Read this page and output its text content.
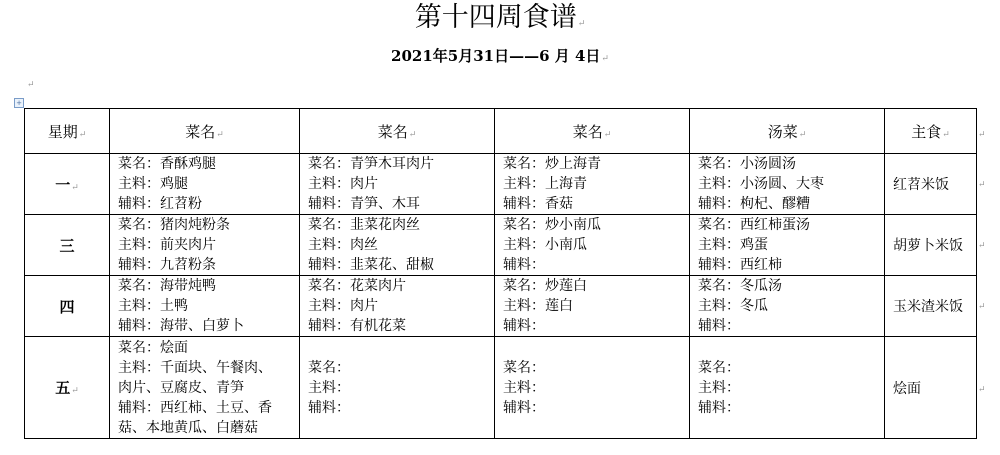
第十四周食谱↵
2021年5月31日——6 月 4日↵
↵
+
星期↵	菜名↵	菜名↵	菜名↵	汤菜↵	主食↵
一↵	菜名：香酥鸡腿
主料：鸡腿
辅料：红苕粉	菜名：青笋木耳肉片
主料：肉片
辅料：青笋、木耳	菜名：炒上海青
主料：上海青
辅料：香菇	菜名：小汤圆汤
主料：小汤圆、大枣
辅料：枸杞、醪糟	红苕米饭
三	菜名：猪肉炖粉条
主料：前夹肉片
辅料：九苕粉条	菜名：韭菜花肉丝
主料：肉丝
辅料：韭菜花、甜椒	菜名：炒小南瓜
主料：小南瓜
辅料：	菜名：西红柿蛋汤
主料：鸡蛋
辅料：西红柿	胡萝卜米饭
四	菜名：海带炖鸭
主料：土鸭
辅料：海带、白萝卜	菜名：花菜肉片
主料：肉片
辅料：有机花菜	菜名：炒莲白
主料：莲白
辅料：	菜名：冬瓜汤
主料：冬瓜
辅料：	玉米渣米饭
五↵	菜名：烩面
主料：千面块、午餐肉、
肉片、豆腐皮、青笋
辅料：西红柿、土豆、香
菇、本地黄瓜、白蘑菇	菜名：
主料：
辅料：	菜名：
主料：
辅料：	菜名：
主料：
辅料：	烩面
↵
↵
↵
↵
↵
